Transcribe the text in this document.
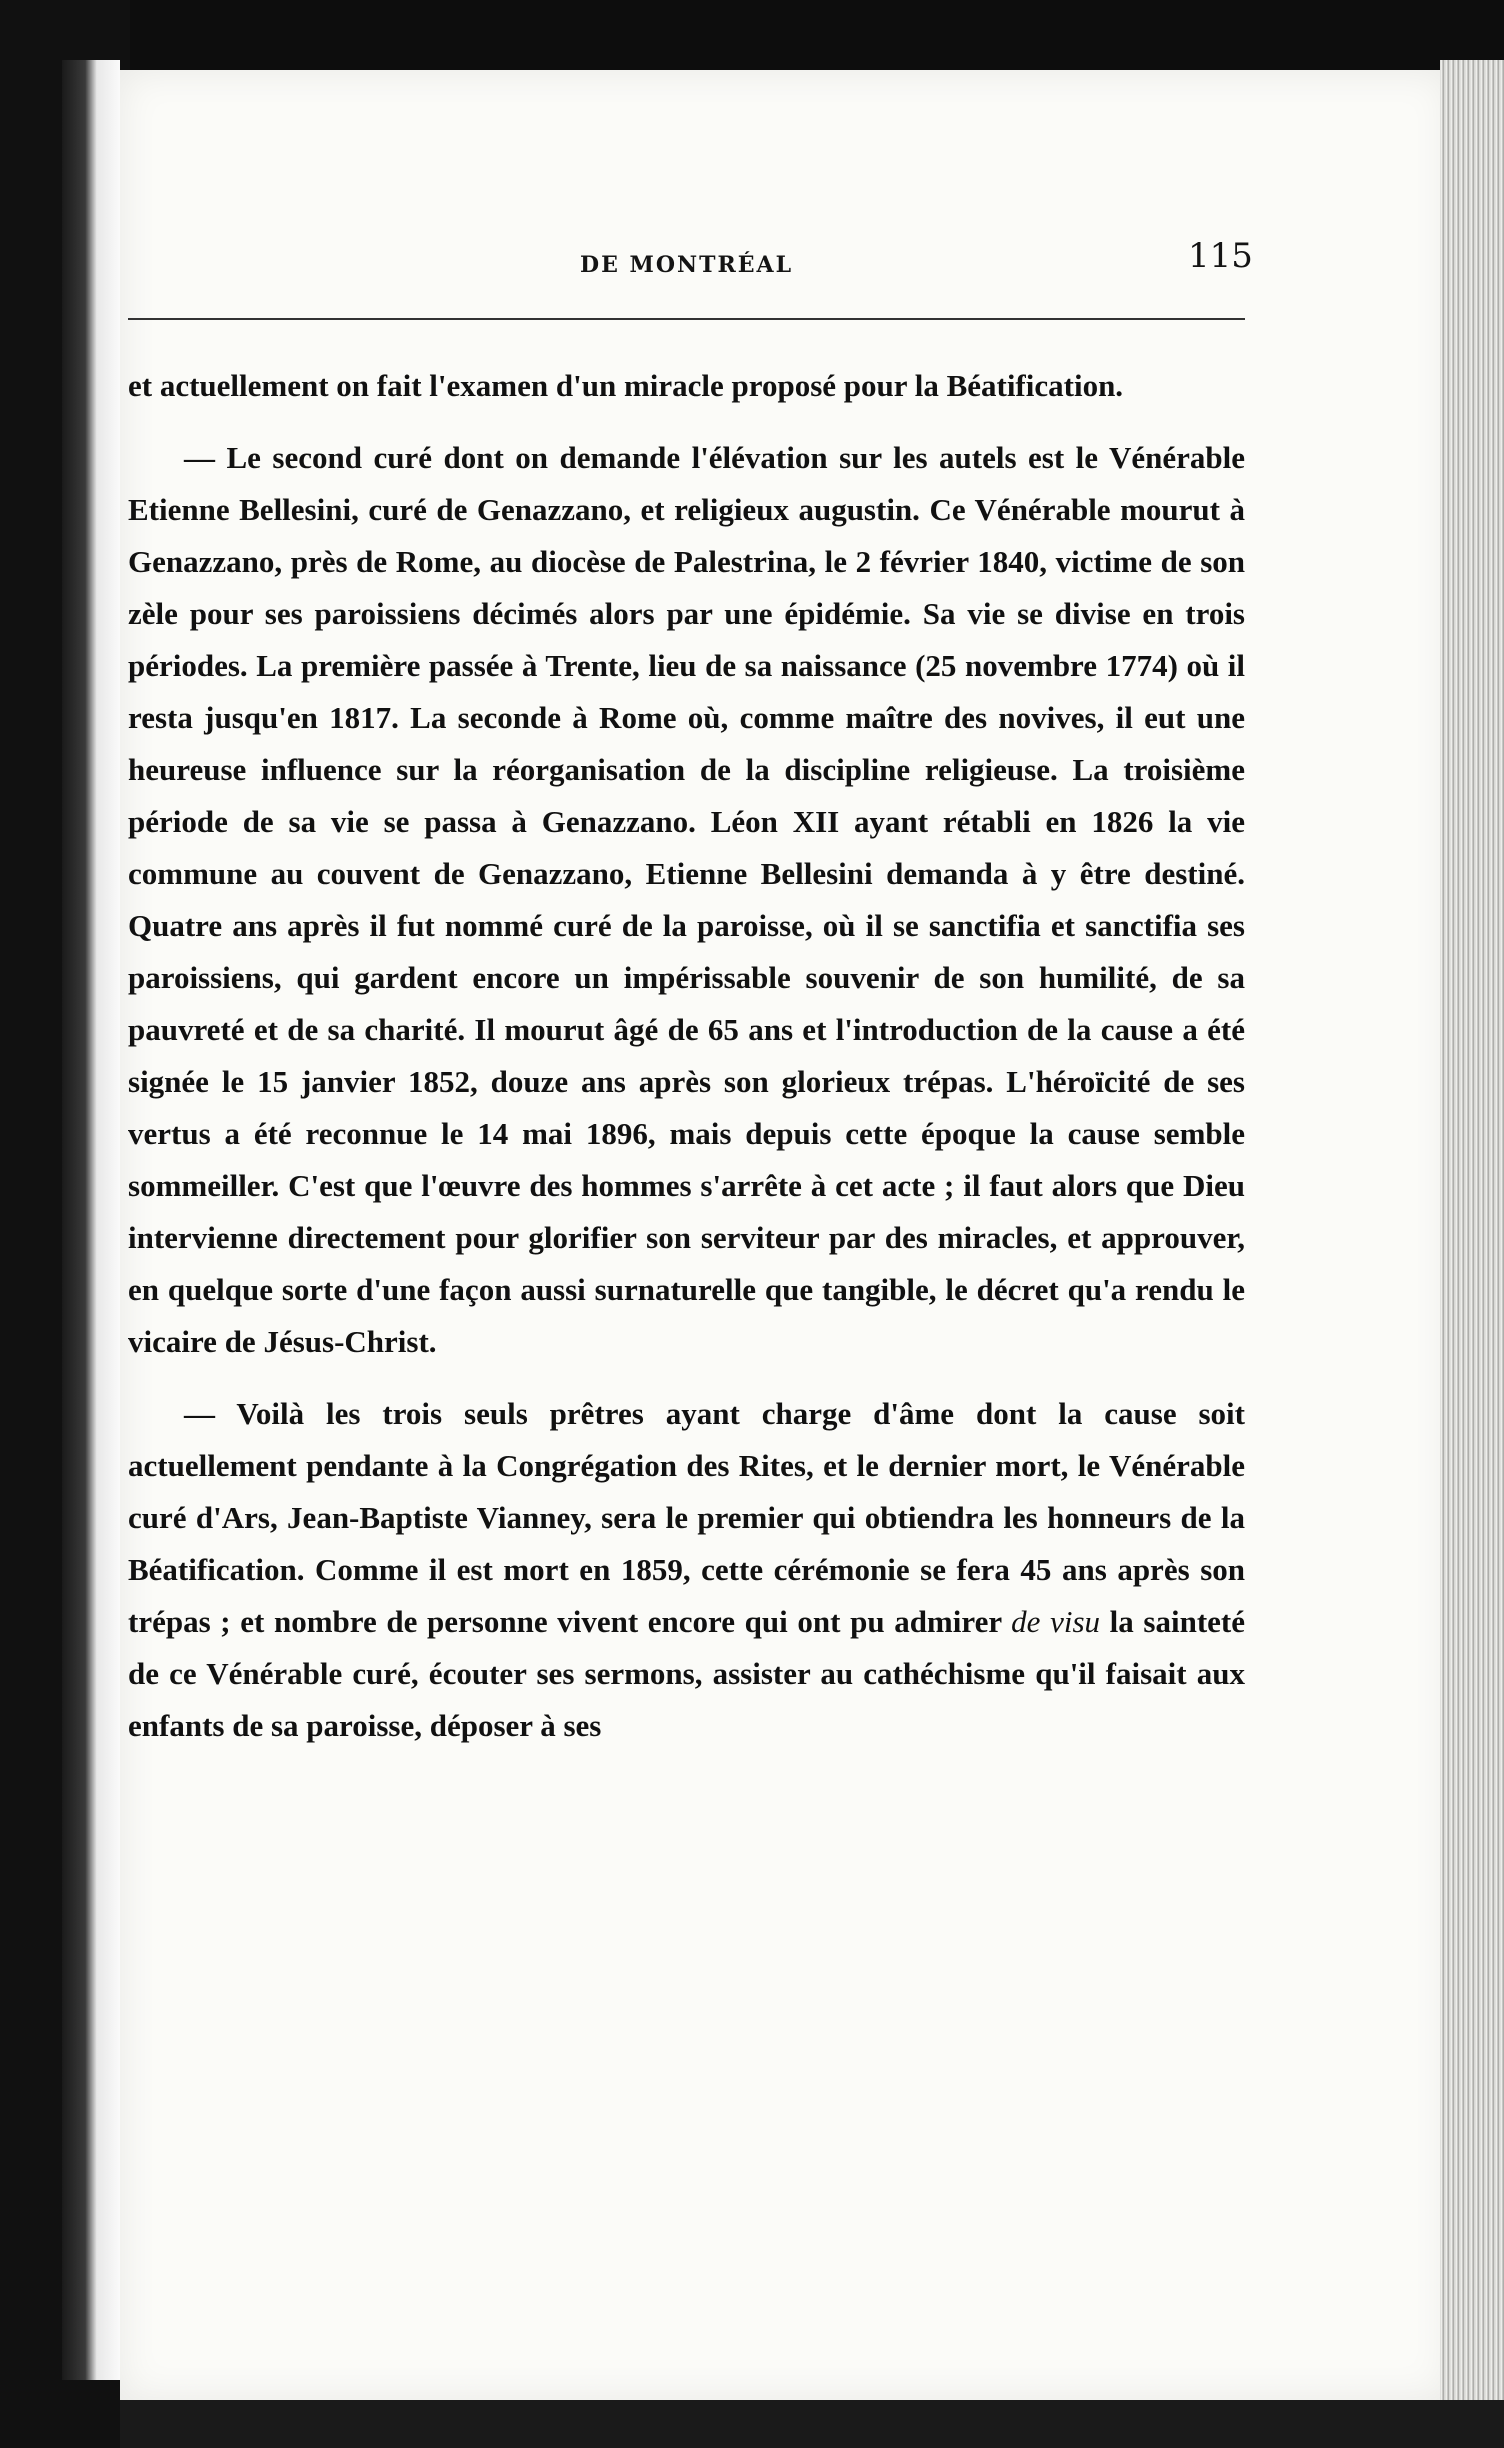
DE MONTRÉAL	115

et actuellement on fait l'examen d'un miracle proposé pour la Béatification.

— Le second curé dont on demande l'élévation sur les autels est le Vénérable Etienne Bellesini, curé de Genazzano, et religieux augustin. Ce Vénérable mourut à Genazzano, près de Rome, au diocèse de Palestrina, le 2 février 1840, victime de son zèle pour ses paroissiens décimés alors par une épidémie. Sa vie se divise en trois périodes. La première passée à Trente, lieu de sa naissance (25 novembre 1774) où il resta jusqu'en 1817. La seconde à Rome où, comme maître des novives, il eut une heureuse influence sur la réorganisation de la discipline religieuse. La troisième période de sa vie se passa à Genazzano. Léon XII ayant rétabli en 1826 la vie commune au couvent de Genazzano, Etienne Bellesini demanda à y être destiné. Quatre ans après il fut nommé curé de la paroisse, où il se sanctifia et sanctifia ses paroissiens, qui gardent encore un impérissable souvenir de son humilité, de sa pauvreté et de sa charité. Il mourut âgé de 65 ans et l'introduction de la cause a été signée le 15 janvier 1852, douze ans après son glorieux trépas. L'héroïcité de ses vertus a été reconnue le 14 mai 1896, mais depuis cette époque la cause semble sommeiller. C'est que l'œuvre des hommes s'arrête à cet acte ; il faut alors que Dieu intervienne directement pour glorifier son serviteur par des miracles, et approuver, en quelque sorte d'une façon aussi surnaturelle que tangible, le décret qu'a rendu le vicaire de Jésus-Christ.

— Voilà les trois seuls prêtres ayant charge d'âme dont la cause soit actuellement pendante à la Congrégation des Rites, et le dernier mort, le Vénérable curé d'Ars, Jean-Baptiste Vianney, sera le premier qui obtiendra les honneurs de la Béatification. Comme il est mort en 1859, cette cérémonie se fera 45 ans après son trépas ; et nombre de personne vivent encore qui ont pu admirer de visu la sainteté de ce Vénérable curé, écouter ses sermons, assister au cathéchisme qu'il faisait aux enfants de sa paroisse, déposer à ses
